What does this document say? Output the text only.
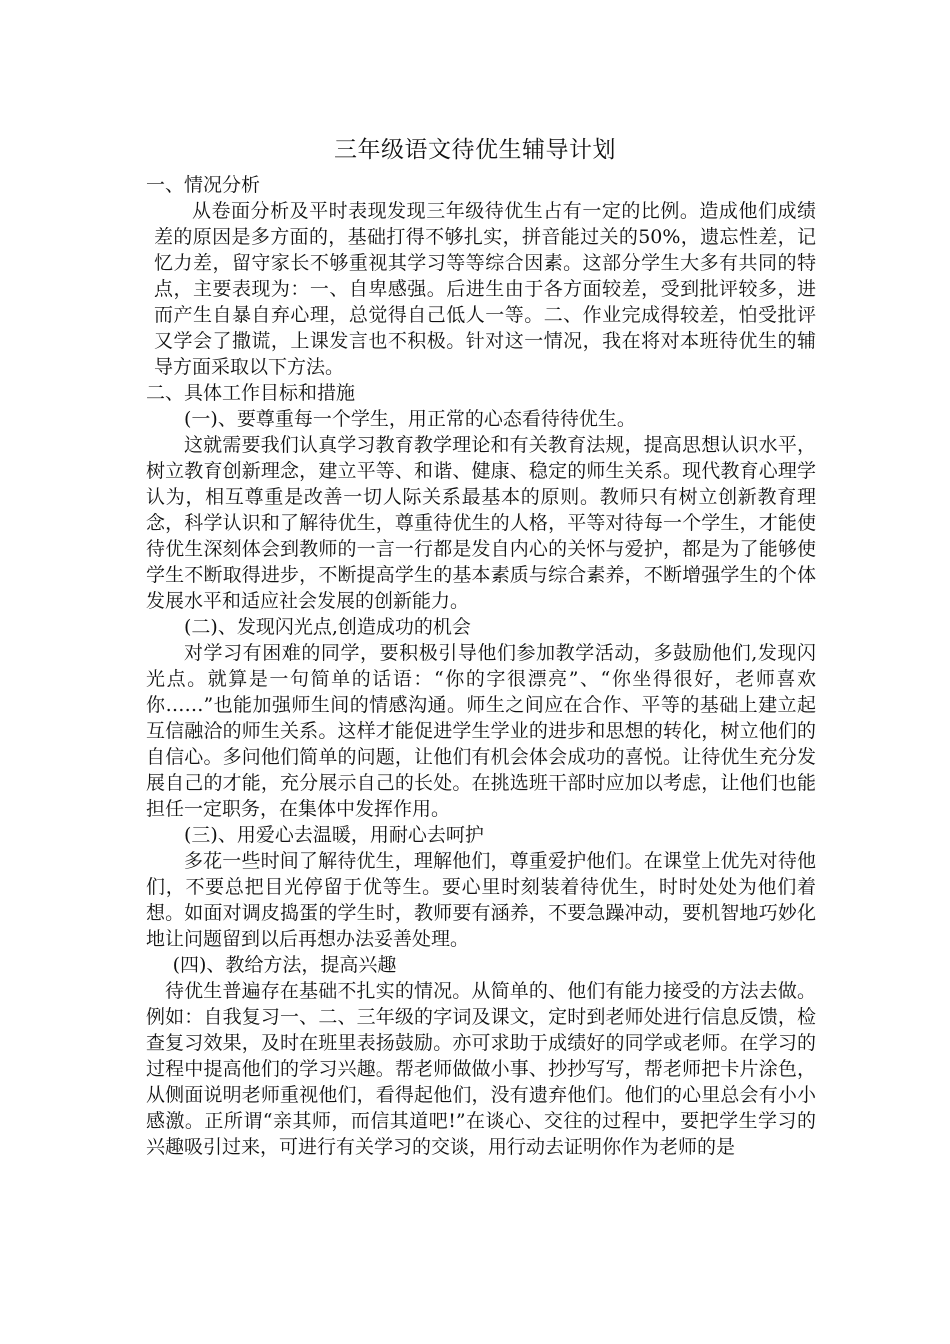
三年级语文待优生辅导计划

一、情况分析

从卷面分析及平时表现发现三年级待优生占有一定的比例。造成他们成绩差的原因是多方面的，基础打得不够扎实，拼音能过关的50%，遗忘性差，记忆力差，留守家长不够重视其学习等等综合因素。这部分学生大多有共同的特点，主要表现为：一、自卑感强。后进生由于各方面较差，受到批评较多，进而产生自暴自弃心理，总觉得自己低人一等。二、作业完成得较差，怕受批评又学会了撒谎，上课发言也不积极。针对这一情况，我在将对本班待优生的辅导方面采取以下方法。

二、具体工作目标和措施

(一)、要尊重每一个学生，用正常的心态看待待优生。

这就需要我们认真学习教育教学理论和有关教育法规，提高思想认识水平，树立教育创新理念，建立平等、和谐、健康、稳定的师生关系。现代教育心理学认为，相互尊重是改善一切人际关系最基本的原则。教师只有树立创新教育理念，科学认识和了解待优生，尊重待优生的人格，平等对待每一个学生，才能使待优生深刻体会到教师的一言一行都是发自内心的关怀与爱护，都是为了能够使学生不断取得进步，不断提高学生的基本素质与综合素养，不断增强学生的个体发展水平和适应社会发展的创新能力。

(二)、发现闪光点,创造成功的机会

对学习有困难的同学，要积极引导他们参加教学活动，多鼓励他们,发现闪光点。就算是一句简单的话语：“你的字很漂亮”、“你坐得很好，老师喜欢你……”也能加强师生间的情感沟通。师生之间应在合作、平等的基础上建立起互信融洽的师生关系。这样才能促进学生学业的进步和思想的转化，树立他们的自信心。多问他们简单的问题，让他们有机会体会成功的喜悦。让待优生充分发展自己的才能，充分展示自己的长处。在挑选班干部时应加以考虑，让他们也能担任一定职务，在集体中发挥作用。

(三)、用爱心去温暖，用耐心去呵护

多花一些时间了解待优生，理解他们，尊重爱护他们。在课堂上优先对待他们，不要总把目光停留于优等生。要心里时刻装着待优生，时时处处为他们着想。如面对调皮捣蛋的学生时，教师要有涵养，不要急躁冲动，要机智地巧妙化地让问题留到以后再想办法妥善处理。

(四)、教给方法，提高兴趣

待优生普遍存在基础不扎实的情况。从简单的、他们有能力接受的方法去做。例如：自我复习一、二、三年级的字词及课文，定时到老师处进行信息反馈，检查复习效果，及时在班里表扬鼓励。亦可求助于成绩好的同学或老师。在学习的过程中提高他们的学习兴趣。帮老师做做小事、抄抄写写，帮老师把卡片涂色，从侧面说明老师重视他们，看得起他们，没有遗弃他们。他们的心里总会有小小感激。正所谓“亲其师，而信其道吧!”在谈心、交往的过程中，要把学生学习的兴趣吸引过来，可进行有关学习的交谈，用行动去证明你作为老师的是
